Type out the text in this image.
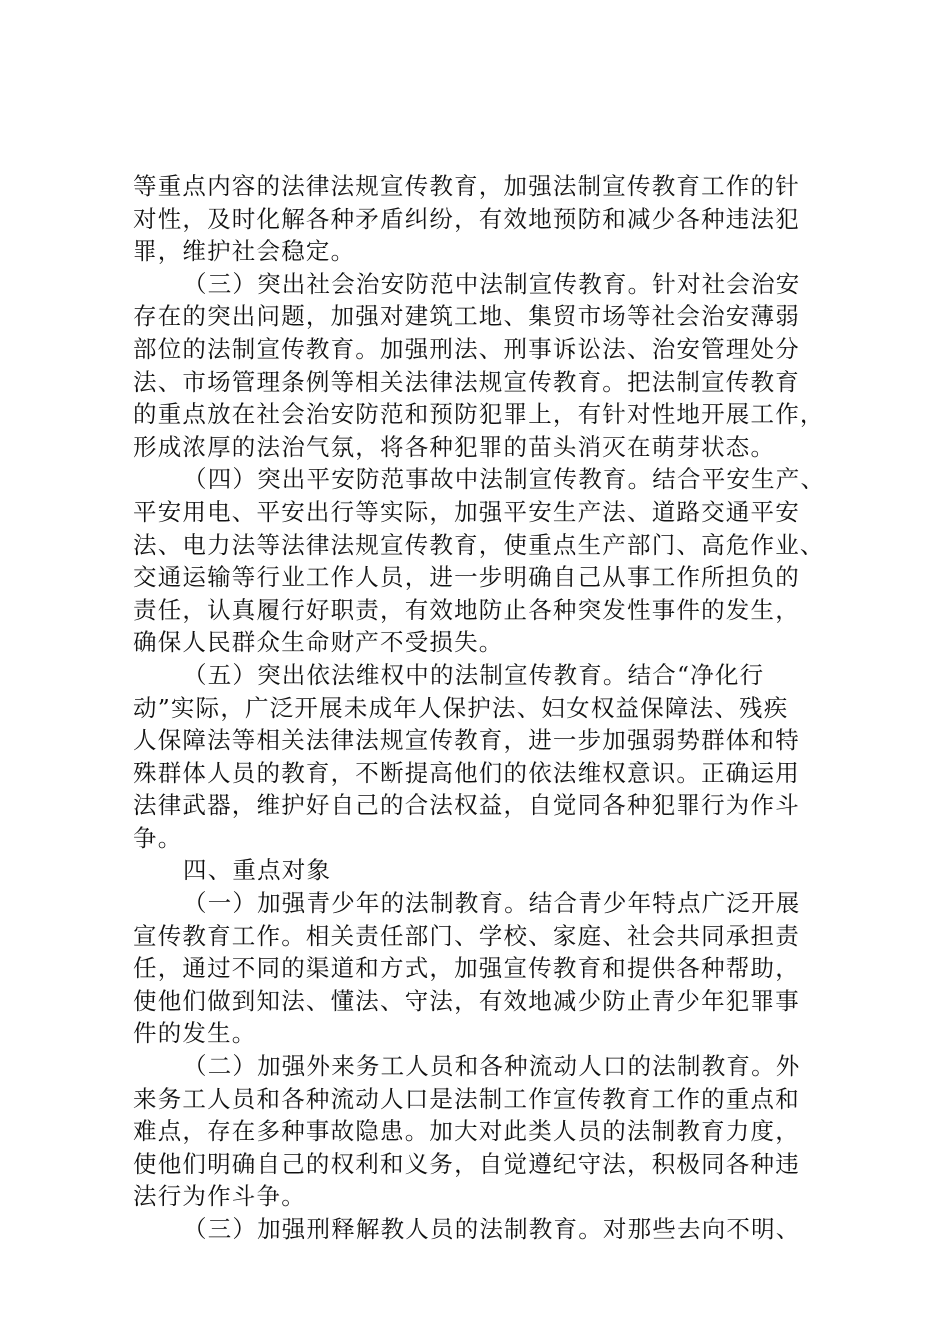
等重点内容的法律法规宣传教育，加强法制宣传教育工作的针
对性，及时化解各种矛盾纠纷，有效地预防和减少各种违法犯
罪，维护社会稳定。
（三）突出社会治安防范中法制宣传教育。针对社会治安
存在的突出问题，加强对建筑工地、集贸市场等社会治安薄弱
部位的法制宣传教育。加强刑法、刑事诉讼法、治安管理处分
法、市场管理条例等相关法律法规宣传教育。把法制宣传教育
的重点放在社会治安防范和预防犯罪上，有针对性地开展工作，
形成浓厚的法治气氛，将各种犯罪的苗头消灭在萌芽状态。
（四）突出平安防范事故中法制宣传教育。结合平安生产、
平安用电、平安出行等实际，加强平安生产法、道路交通平安
法、电力法等法律法规宣传教育，使重点生产部门、高危作业、
交通运输等行业工作人员，进一步明确自己从事工作所担负的
责任，认真履行好职责，有效地防止各种突发性事件的发生，
确保人民群众生命财产不受损失。
（五）突出依法维权中的法制宣传教育。结合“净化行
动”实际，广泛开展未成年人保护法、妇女权益保障法、残疾
人保障法等相关法律法规宣传教育，进一步加强弱势群体和特
殊群体人员的教育，不断提高他们的依法维权意识。正确运用
法律武器，维护好自己的合法权益，自觉同各种犯罪行为作斗
争。
四、重点对象
（一）加强青少年的法制教育。结合青少年特点广泛开展
宣传教育工作。相关责任部门、学校、家庭、社会共同承担责
任，通过不同的渠道和方式，加强宣传教育和提供各种帮助，
使他们做到知法、懂法、守法，有效地减少防止青少年犯罪事
件的发生。
（二）加强外来务工人员和各种流动人口的法制教育。外
来务工人员和各种流动人口是法制工作宣传教育工作的重点和
难点，存在多种事故隐患。加大对此类人员的法制教育力度，
使他们明确自己的权利和义务，自觉遵纪守法，积极同各种违
法行为作斗争。
（三）加强刑释解教人员的法制教育。对那些去向不明、
